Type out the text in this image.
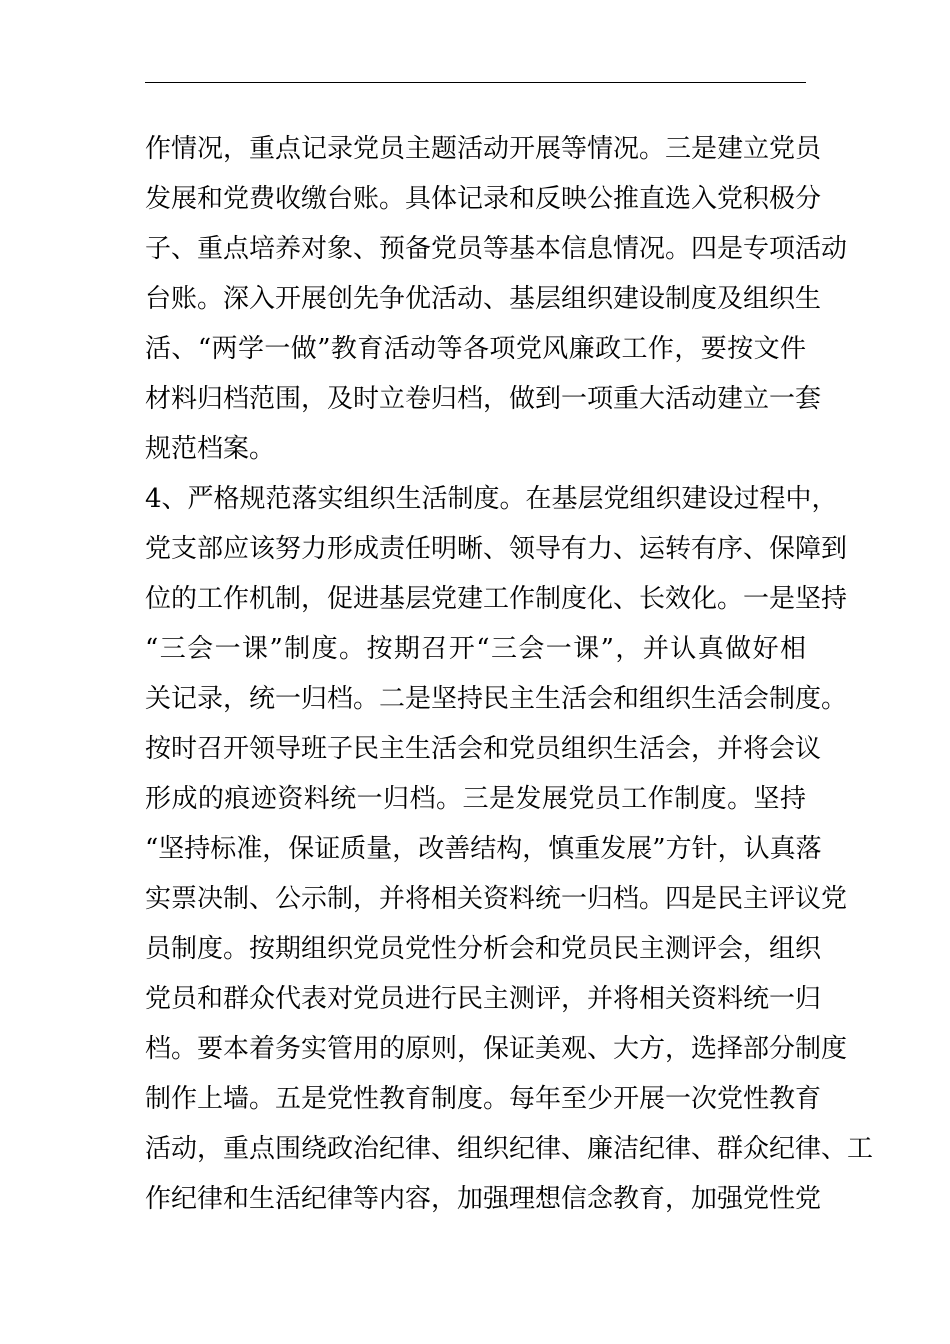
作情况，重点记录党员主题活动开展等情况。三是建立党员
发展和党费收缴台账。具体记录和反映公推直选入党积极分
子、重点培养对象、预备党员等基本信息情况。四是专项活动
台账。深入开展创先争优活动、基层组织建设制度及组织生
活、“两学一做”教育活动等各项党风廉政工作，要按文件
材料归档范围，及时立卷归档，做到一项重大活动建立一套
规范档案。
4、严格规范落实组织生活制度。在基层党组织建设过程中，
党支部应该努力形成责任明晰、领导有力、运转有序、保障到
位的工作机制，促进基层党建工作制度化、长效化。一是坚持
“三会一课”制度。按期召开“三会一课”，并认真做好相
关记录，统一归档。二是坚持民主生活会和组织生活会制度。
按时召开领导班子民主生活会和党员组织生活会，并将会议
形成的痕迹资料统一归档。三是发展党员工作制度。坚持
“坚持标准，保证质量，改善结构，慎重发展”方针，认真落
实票决制、公示制，并将相关资料统一归档。四是民主评议党
员制度。按期组织党员党性分析会和党员民主测评会，组织
党员和群众代表对党员进行民主测评，并将相关资料统一归
档。要本着务实管用的原则，保证美观、大方，选择部分制度
制作上墙。五是党性教育制度。每年至少开展一次党性教育
活动，重点围绕政治纪律、组织纪律、廉洁纪律、群众纪律、工
作纪律和生活纪律等内容，加强理想信念教育，加强党性党
